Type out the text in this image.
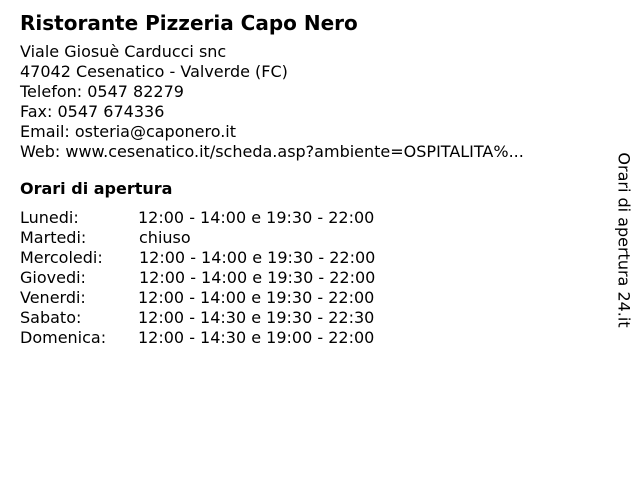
Ristorante Pizzeria Capo Nero
Viale Giosuè Carducci snc
47042 Cesenatico - Valverde (FC)
Telefon: 0547 82279
Fax: 0547 674336
Email: osteria@caponero.it
Web: www.cesenatico.it/scheda.asp?ambiente=OSPITALITA%...
Orari di apertura
Lunedi:	12:00 - 14:00 e 19:30 - 22:00
Martedi:	chiuso
Mercoledi: 12:00 - 14:00 e 19:30 - 22:00
Giovedi:	12:00 - 14:00 e 19:30 - 22:00
Venerdi:	12:00 - 14:00 e 19:30 - 22:00
Sabato:	12:00 - 14:30 e 19:30 - 22:30
Domenica: 12:00 - 14:30 e 19:00 - 22:00
Orari di apertura 24.it
